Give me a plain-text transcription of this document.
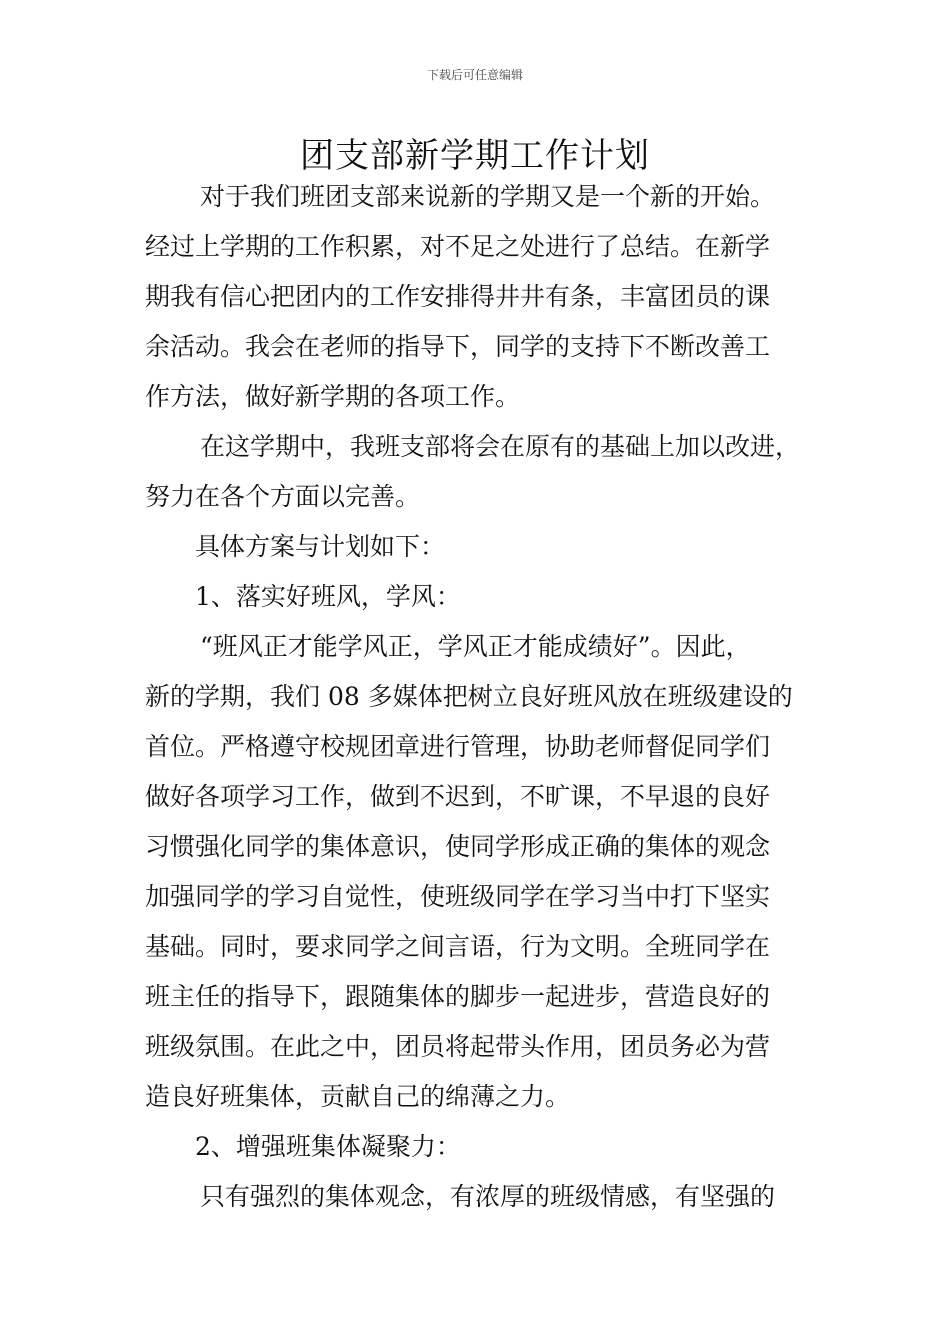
下载后可任意编辑
团支部新学期工作计划
对于我们班团支部来说新的学期又是一个新的开始。
经过上学期的工作积累，对不足之处进行了总结。在新学
期我有信心把团内的工作安排得井井有条，丰富团员的课
余活动。我会在老师的指导下，同学的支持下不断改善工
作方法，做好新学期的各项工作。
在这学期中，我班支部将会在原有的基础上加以改进，
努力在各个方面以完善。
具体方案与计划如下：
1、落实好班风，学风：
“班风正才能学风正，学风正才能成绩好”。因此，
新的学期，我们 08 多媒体把树立良好班风放在班级建设的
首位。严格遵守校规团章进行管理，协助老师督促同学们
做好各项学习工作，做到不迟到，不旷课，不早退的良好
习惯强化同学的集体意识，使同学形成正确的集体的观念
加强同学的学习自觉性，使班级同学在学习当中打下坚实
基础。同时，要求同学之间言语，行为文明。全班同学在
班主任的指导下，跟随集体的脚步一起进步，营造良好的
班级氛围。在此之中，团员将起带头作用，团员务必为营
造良好班集体，贡献自己的绵薄之力。
2、增强班集体凝聚力：
只有强烈的集体观念，有浓厚的班级情感，有坚强的
